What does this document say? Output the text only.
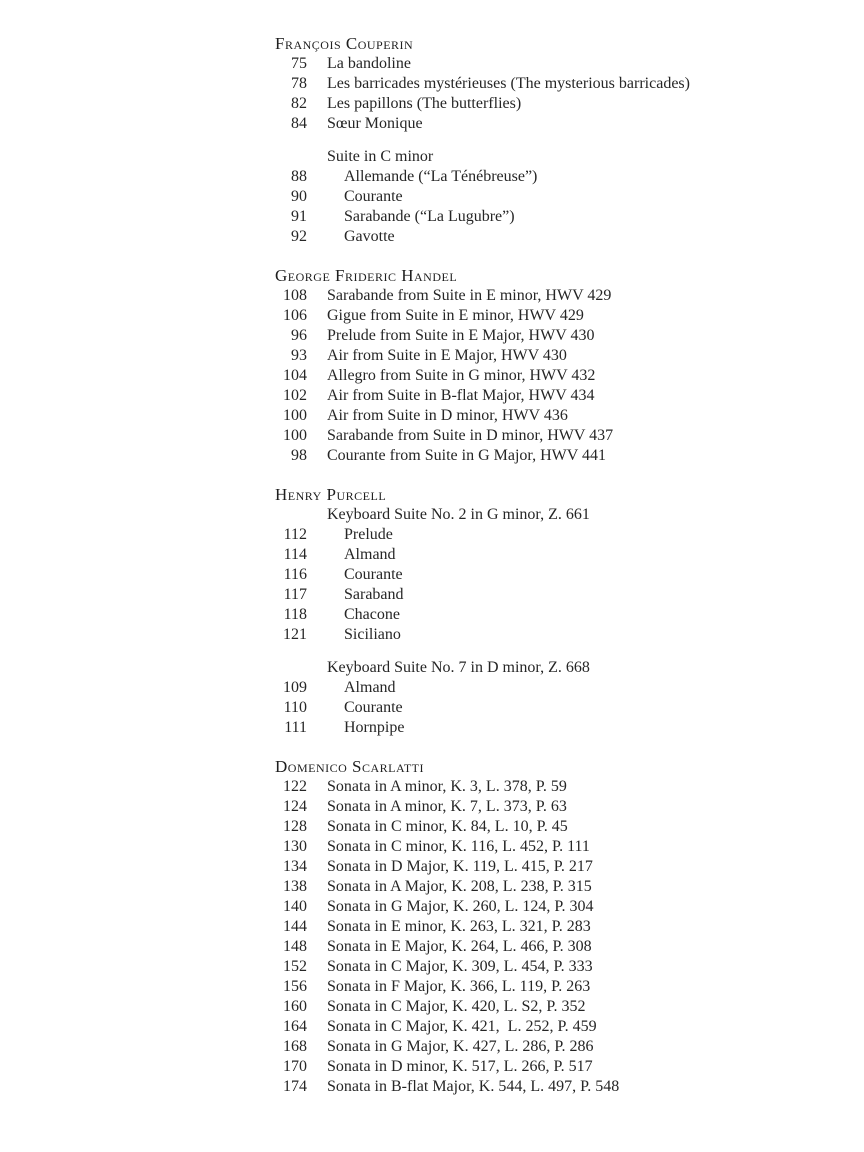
François Couperin
75	La bandoline
78	Les barricades mystérieuses (The mysterious barricades)
82	Les papillons (The butterflies)
84	Sœur Monique
Suite in C minor
88	Allemande (“La Ténébreuse”)
90	Courante
91	Sarabande (“La Lugubre”)
92	Gavotte
George Frideric Handel
108	Sarabande from Suite in E minor, HWV 429
106	Gigue from Suite in E minor, HWV 429
96	Prelude from Suite in E Major, HWV 430
93	Air from Suite in E Major, HWV 430
104	Allegro from Suite in G minor, HWV 432
102	Air from Suite in B-flat Major, HWV 434
100	Air from Suite in D minor, HWV 436
100	Sarabande from Suite in D minor, HWV 437
98	Courante from Suite in G Major, HWV 441
Henry Purcell
Keyboard Suite No. 2 in G minor, Z. 661
112	Prelude
114	Almand
116	Courante
117	Saraband
118	Chacone
121	Siciliano
Keyboard Suite No. 7 in D minor, Z. 668
109	Almand
110	Courante
111	Hornpipe
Domenico Scarlatti
122	Sonata in A minor, K. 3, L. 378, P. 59
124	Sonata in A minor, K. 7, L. 373, P. 63
128	Sonata in C minor, K. 84, L. 10, P. 45
130	Sonata in C minor, K. 116, L. 452, P. 111
134	Sonata in D Major, K. 119, L. 415, P. 217
138	Sonata in A Major, K. 208, L. 238, P. 315
140	Sonata in G Major, K. 260, L. 124, P. 304
144	Sonata in E minor, K. 263, L. 321, P. 283
148	Sonata in E Major, K. 264, L. 466, P. 308
152	Sonata in C Major, K. 309, L. 454, P. 333
156	Sonata in F Major, K. 366, L. 119, P. 263
160	Sonata in C Major, K. 420, L. S2, P. 352
164	Sonata in C Major, K. 421,  L. 252, P. 459
168	Sonata in G Major, K. 427, L. 286, P. 286
170	Sonata in D minor, K. 517, L. 266, P. 517
174	Sonata in B-flat Major, K. 544, L. 497, P. 548
